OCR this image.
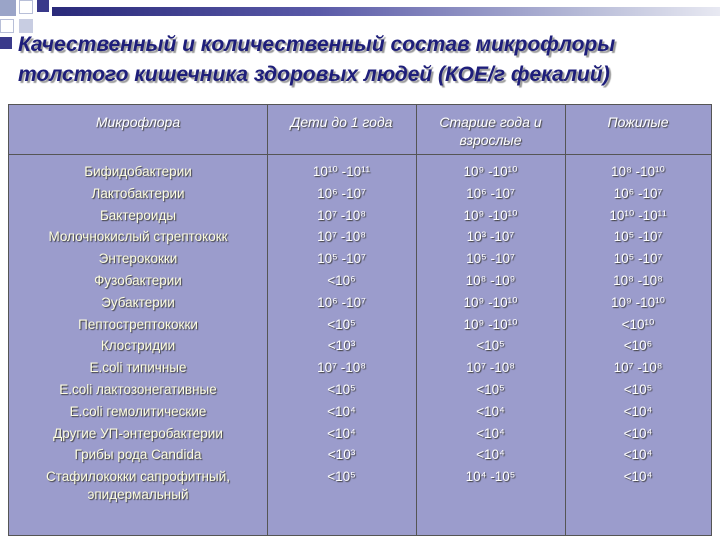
Качественный и количественный состав микрофлоры толстого кишечника здоровых людей (КОЕ/г фекалий)
Микрофлора	Дети до 1 года	Старше года и взрослые
Пожилые
Бифидобактерии
Лактобактерии
Бактероиды
Молочнокислый стрептококк
Энтерококки
Фузобактерии
Эубактерии
Пептострептококки
Клостридии
E.coli типичные
E.coli лактозонегативные
E.coli гемолитические
Другие УП-энтеробактерии
Грибы рода Candida
Стафилококки сапрофитный, эпидермальный
10¹⁰ -10¹¹
10⁶ -10⁷
10⁷ -10⁸
10⁷ -10⁸
10⁵ -10⁷
<10⁶
10⁶ -10⁷
<10⁵
<10³
10⁷ -10⁸
<10⁵
<10⁴
<10⁴
<10³
<10⁵
10⁹ -10¹⁰
10⁶ -10⁷
10⁹ -10¹⁰
10³ -10⁷
10⁵ -10⁷
10⁸ -10⁹
10⁹ -10¹⁰
10⁹ -10¹⁰
<10⁵
10⁷ -10⁸
<10⁵
<10⁴
<10⁴
<10⁴
10⁴ -10⁵
10⁸ -10¹⁰
10⁶ -10⁷
10¹⁰ -10¹¹
10⁵ -10⁷
10⁵ -10⁷
10⁸ -10⁸
10⁹ -10¹⁰
<10¹⁰
<10⁶
10⁷ -10⁸
<10⁵
<10⁴
<10⁴
<10⁴
<10⁴
